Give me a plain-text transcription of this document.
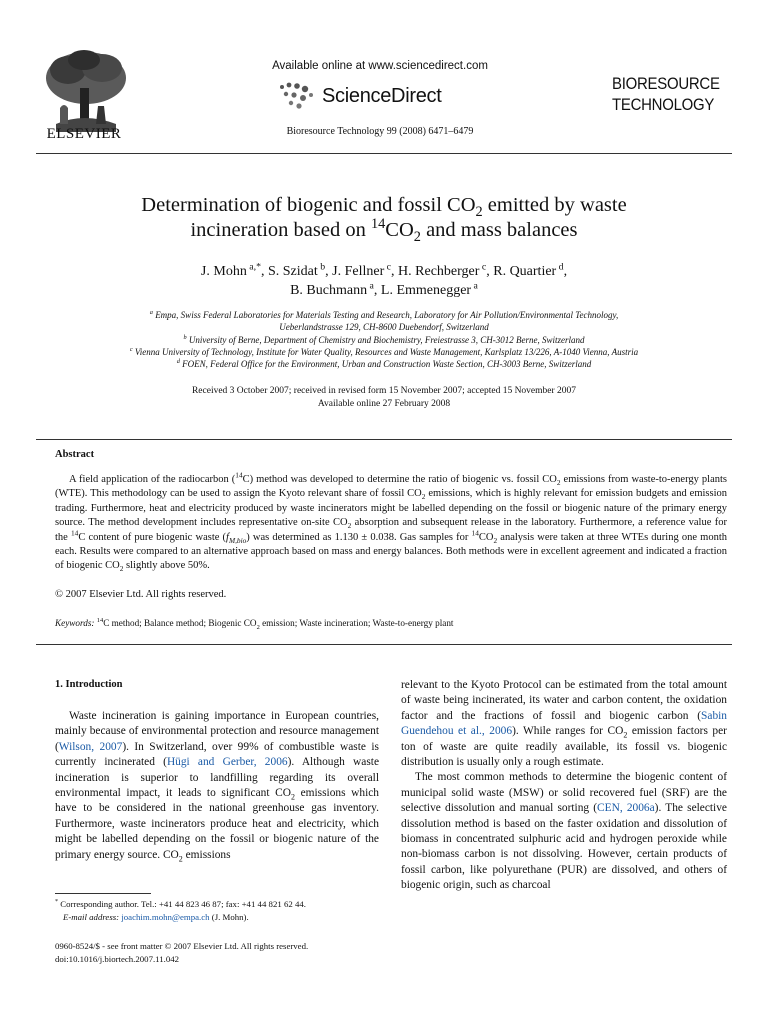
ELSEVIER
Available online at www.sciencedirect.com
ScienceDirect
Bioresource Technology 99 (2008) 6471–6479
BIORESOURCE
TECHNOLOGY
Determination of biogenic and fossil $CO_2$ emitted by waste
incineration based on $^{14}CO_2$ and mass balances
J. Mohn $^{a,*}$, S. Szidat $^b$, J. Fellner $^c$, H. Rechberger $^c$, R. Quartier $^d$,
B. Buchmann $^a$, L. Emmenegger $^a$
$^a$ Empa, Swiss Federal Laboratories for Materials Testing and Research, Laboratory for Air Pollution/Environmental Technology,
Ueberlandstrasse 129, CH-8600 Duebendorf, Switzerland
$^b$ University of Berne, Department of Chemistry and Biochemistry, Freiestrasse 3, CH-3012 Berne, Switzerland
$^c$ Vienna University of Technology, Institute for Water Quality, Resources and Waste Management, Karlsplatz 13/226, A-1040 Vienna, Austria
$^d$ FOEN, Federal Office for the Environment, Urban and Construction Waste Section, CH-3003 Berne, Switzerland
Received 3 October 2007; received in revised form 15 November 2007; accepted 15 November 2007
Available online 27 February 2008
Abstract
A field application of the radiocarbon ($^{14}$C) method was developed to determine the ratio of biogenic vs. fossil $CO_2$ emissions from waste-to-energy plants (WTE). This methodology can be used to assign the Kyoto relevant share of fossil $CO_2$ emissions, which is highly relevant for emission budgets and emission trading. Furthermore, heat and electricity produced by waste incinerators might be labelled depending on the fossil or biogenic nature of the primary energy source. The method development includes representative on-site $CO_2$ absorption and subsequent release in the laboratory. Furthermore, a reference value for the $^{14}$C content of pure biogenic waste $(f_{M,bio})$ was determined as 1.130 ± 0.038. Gas samples for $^{14}CO_2$ analysis were taken at three WTEs during one month each. Results were compared to an alternative approach based on mass and energy balances. Both methods were in excellent agreement and indicated a fraction of biogenic $CO_2$ slightly above 50%.
© 2007 Elsevier Ltd. All rights reserved.
Keywords: $^{14}$C method; Balance method; Biogenic $CO_2$ emission; Waste incineration; Waste-to-energy plant
1. Introduction
Waste incineration is gaining importance in European countries, mainly because of environmental protection and resource management (Wilson, 2007). In Switzerland, over 99% of combustible waste is currently incinerated (Hügi and Gerber, 2006). Although waste incineration is superior to landfilling regarding its overall environmental impact, it leads to significant $CO_2$ emissions which have to be considered in the national greenhouse gas inventory. Furthermore, waste incinerators produce heat and electricity, which might be labelled depending on the fossil or biogenic nature of the primary energy source. $CO_2$ emissions

relevant to the Kyoto Protocol can be estimated from the total amount of waste being incinerated, its water and carbon content, the oxidation factor and the fractions of fossil and biogenic carbon (Sabin Guendehou et al., 2006). While ranges for $CO_2$ emission factors per ton of waste are quite readily available, its fossil vs. biogenic distribution is usually only a rough estimate.

The most common methods to determine the biogenic content of municipal solid waste (MSW) or solid recovered fuel (SRF) are the selective dissolution and manual sorting (CEN, 2006a). The selective dissolution method is based on the faster oxidation and dissolution of biomass in concentrated sulphuric acid and hydrogen peroxide while non-biomass carbon is not dissolving. However, certain products of fossil carbon, like polyurethane (PUR) are dissolved, and others of biogenic origin, such as charcoal

* Corresponding author. Tel.: +41 44 823 46 87; fax: +41 44 821 62 44.
E-mail address: joachim.mohn@empa.ch (J. Mohn).
0960-8524/$ - see front matter © 2007 Elsevier Ltd. All rights reserved.
doi:10.1016/j.biortech.2007.11.042
